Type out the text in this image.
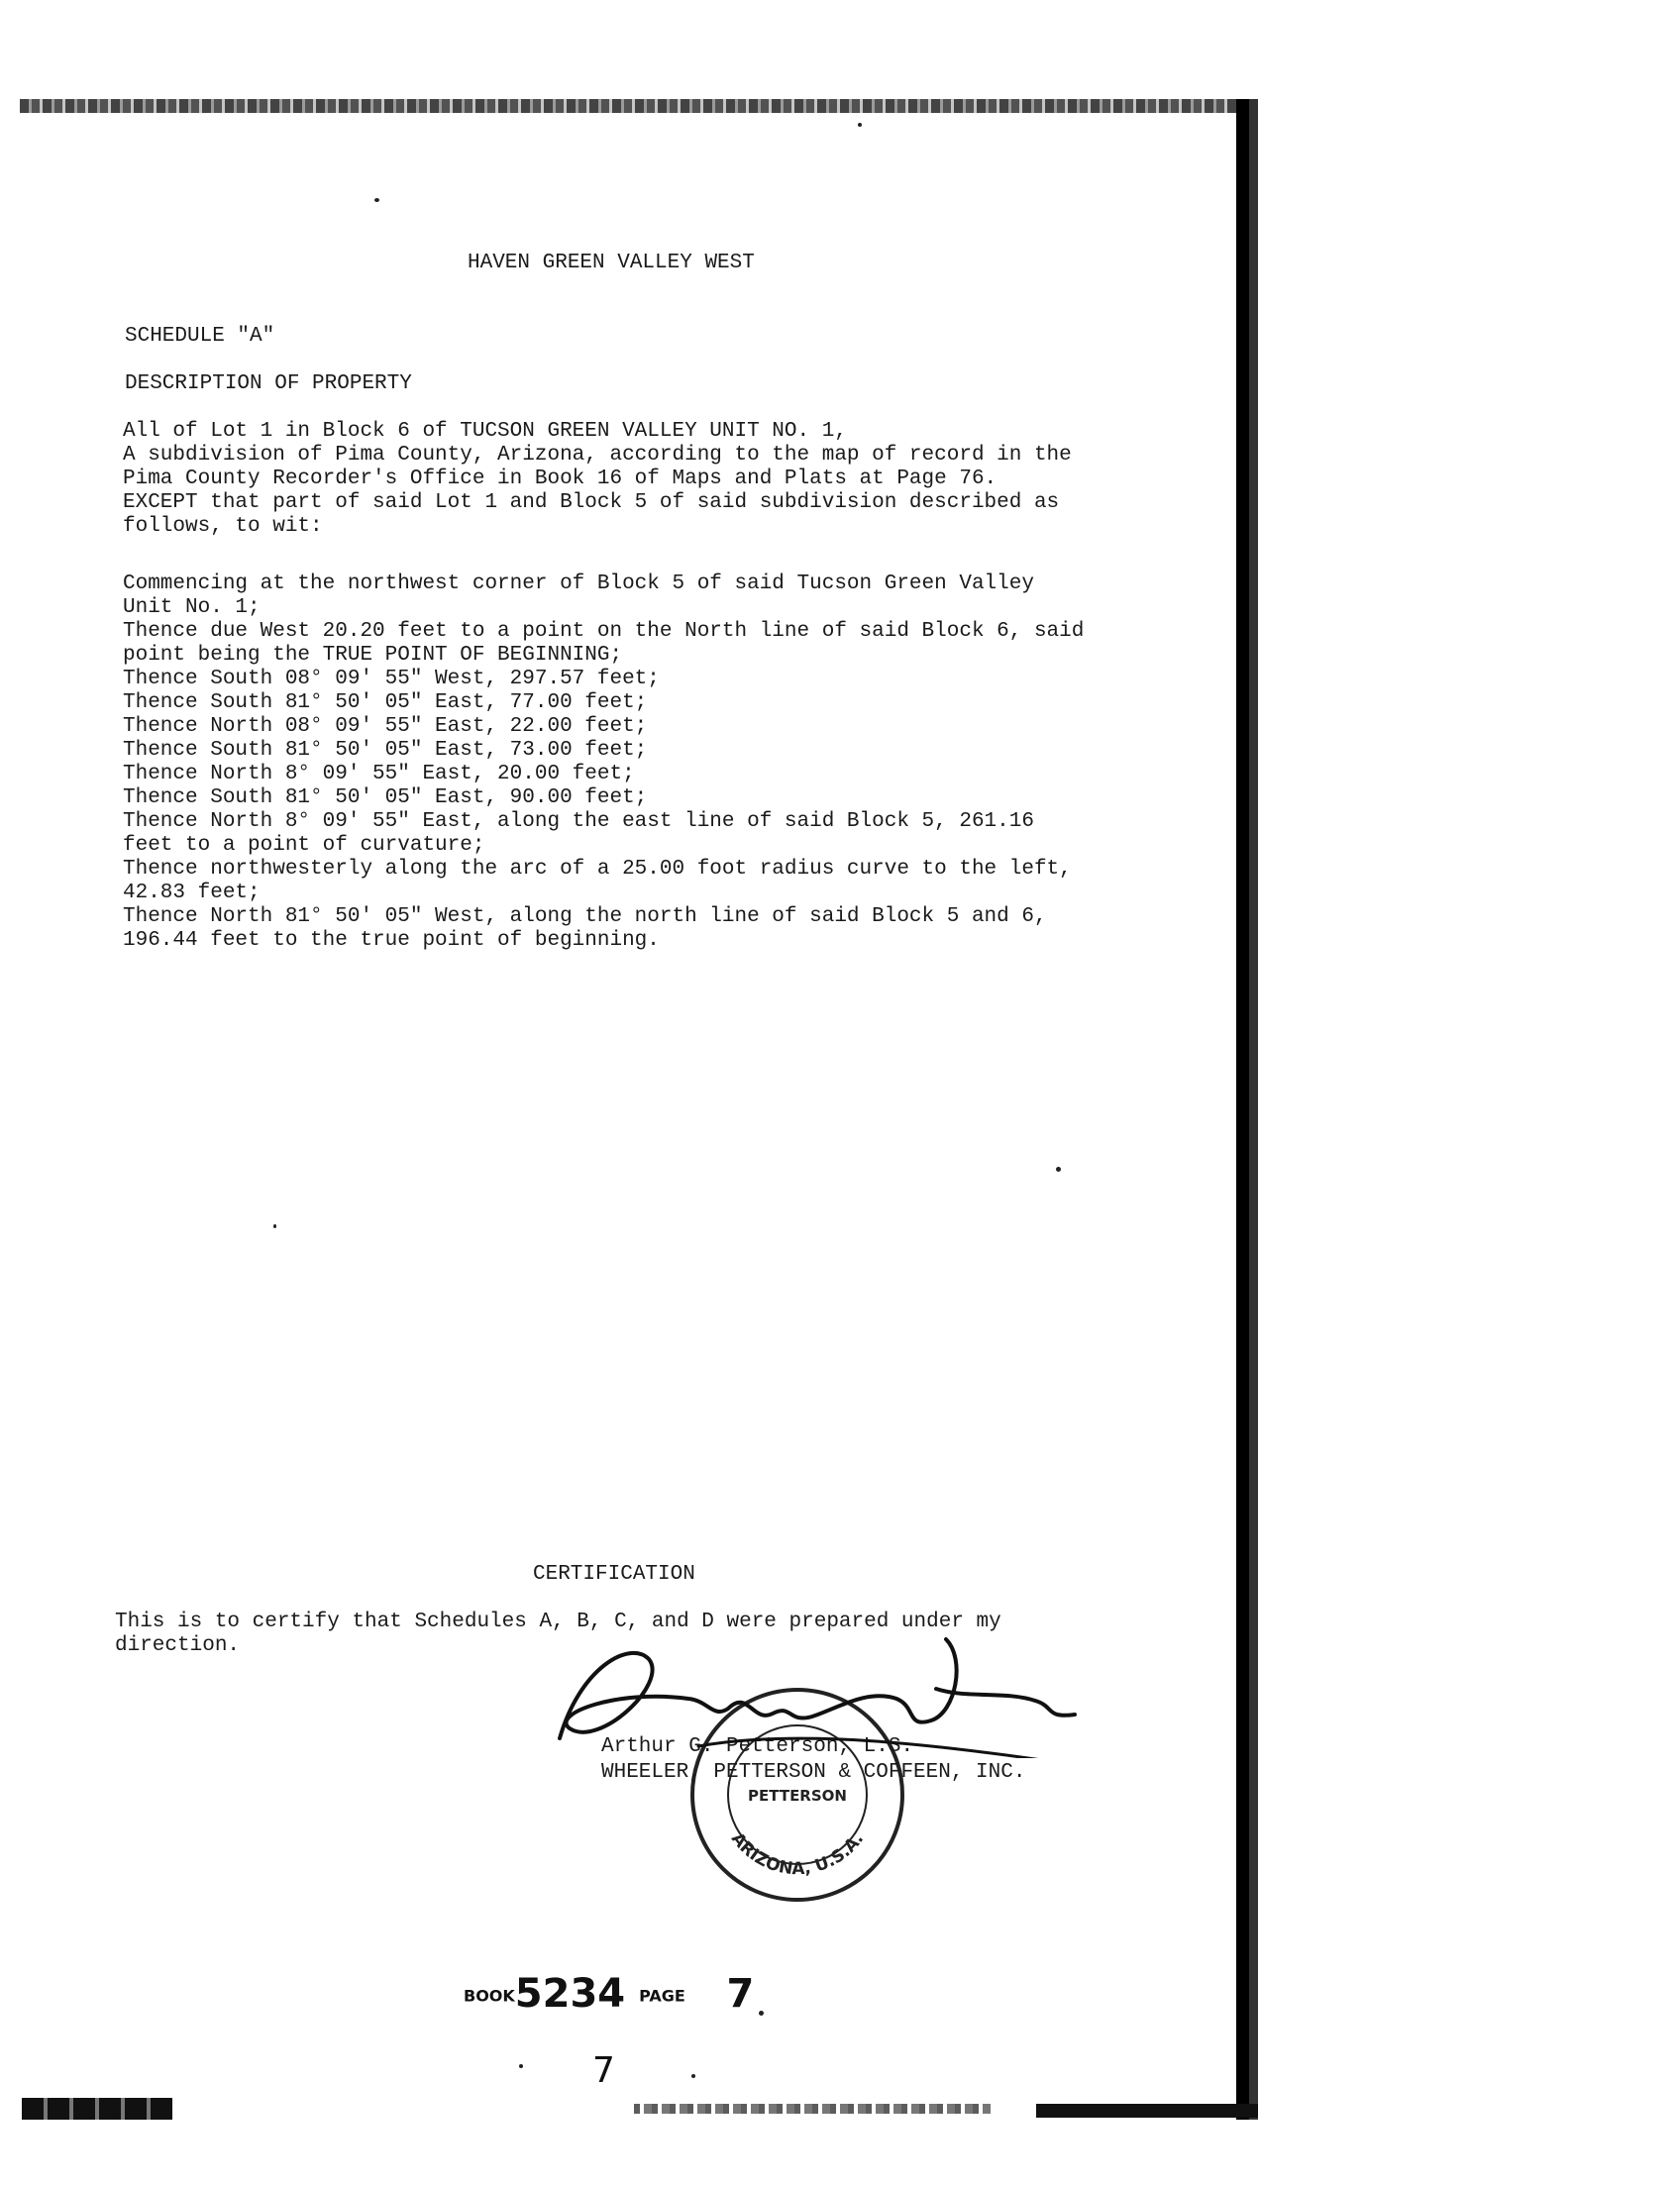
HAVEN GREEN VALLEY WEST
SCHEDULE "A"
DESCRIPTION OF PROPERTY
All of Lot 1 in Block 6 of TUCSON GREEN VALLEY UNIT NO. 1,
A subdivision of Pima County, Arizona, according to the map of record in the
Pima County Recorder's Office in Book 16 of Maps and Plats at Page 76.
EXCEPT that part of said Lot 1 and Block 5 of said subdivision described as
follows, to wit:
Commencing at the northwest corner of Block 5 of said Tucson Green Valley
Unit No. 1;
Thence due West 20.20 feet to a point on the North line of said Block 6, said
point being the TRUE POINT OF BEGINNING;
Thence South 08° 09' 55" West, 297.57 feet;
Thence South 81° 50' 05" East, 77.00 feet;
Thence North 08° 09' 55" East, 22.00 feet;
Thence South 81° 50' 05" East, 73.00 feet;
Thence North 8° 09' 55" East, 20.00 feet;
Thence South 81° 50' 05" East, 90.00 feet;
Thence North 8° 09' 55" East, along the east line of said Block 5, 261.16
feet to a point of curvature;
Thence northwesterly along the arc of a 25.00 foot radius curve to the left,
42.83 feet;
Thence North 81° 50' 05" West, along the north line of said Block 5 and 6,
196.44 feet to the true point of beginning.
CERTIFICATION
This is to certify that Schedules A, B, C, and D were prepared under my
direction.
PETTERSON
ARIZONA, U.S.A.
Arthur G. Petterson, L.S.
WHEELER, PETTERSON & COFFEEN, INC.
BOOK5234 PAGE 7
7
